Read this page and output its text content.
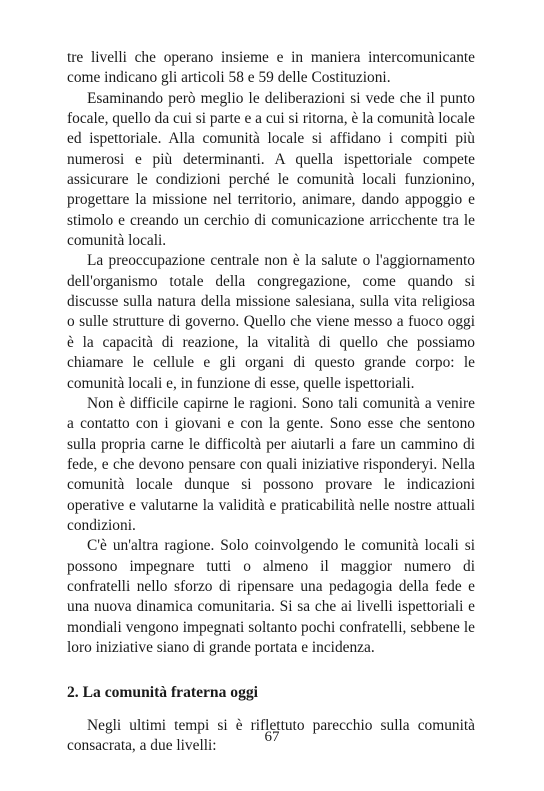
tre livelli che operano insieme e in maniera intercomunicante come indicano gli articoli 58 e 59 delle Costituzioni.

Esaminando però meglio le deliberazioni si vede che il punto focale, quello da cui si parte e a cui si ritorna, è la comunità locale ed ispettoriale. Alla comunità locale si affidano i compiti più numerosi e più determinanti. A quella ispettoriale compete assicurare le condizioni perché le comunità locali funzionino, progettare la missione nel territorio, animare, dando appoggio e stimolo e creando un cerchio di comunicazione arricchente tra le comunità locali.

La preoccupazione centrale non è la salute o l'aggiornamento dell'organismo totale della congregazione, come quando si discusse sulla natura della missione salesiana, sulla vita religiosa o sulle strutture di governo. Quello che viene messo a fuoco oggi è la capacità di reazione, la vitalità di quello che possiamo chiamare le cellule e gli organi di questo grande corpo: le comunità locali e, in funzione di esse, quelle ispettoriali.

Non è difficile capirne le ragioni. Sono tali comunità a venire a contatto con i giovani e con la gente. Sono esse che sentono sulla propria carne le difficoltà per aiutarli a fare un cammino di fede, e che devono pensare con quali iniziative risponderyi. Nella comunità locale dunque si possono provare le indicazioni operative e valutarne la validità e praticabilità nelle nostre attuali condizioni.

C'è un'altra ragione. Solo coinvolgendo le comunità locali si possono impegnare tutti o almeno il maggior numero di confratelli nello sforzo di ripensare una pedagogia della fede e una nuova dinamica comunitaria. Si sa che ai livelli ispettoriali e mondiali vengono impegnati soltanto pochi confratelli, sebbene le loro iniziative siano di grande portata e incidenza.

2. La comunità fraterna oggi

Negli ultimi tempi si è riflettuto parecchio sulla comunità consacrata, a due livelli:	67
